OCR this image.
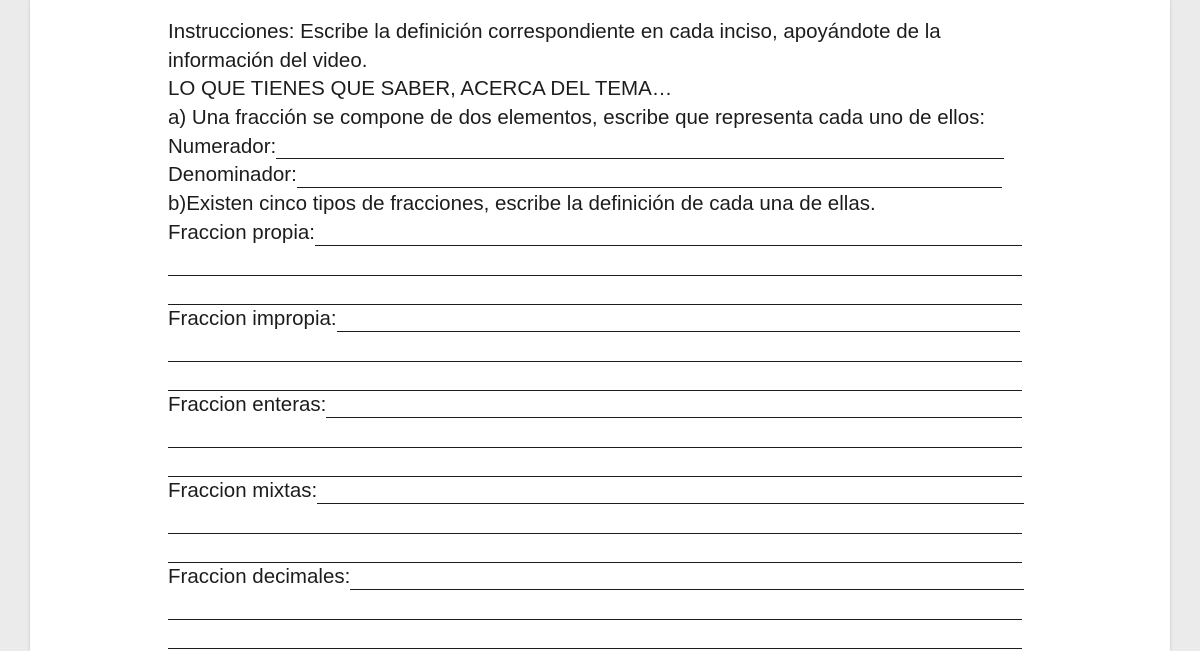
Instrucciones: Escribe la definición correspondiente en cada inciso, apoyándote de la
información del video.
LO QUE TIENES QUE SABER, ACERCA DEL TEMA…
a) Una fracción se compone de dos elementos, escribe que representa cada uno de ellos:
Numerador:
Denominador:
b)Existen cinco tipos de fracciones, escribe la definición de cada una de ellas.
Fraccion propia:
Fraccion impropia:
Fraccion enteras:
Fraccion mixtas:
Fraccion decimales:
